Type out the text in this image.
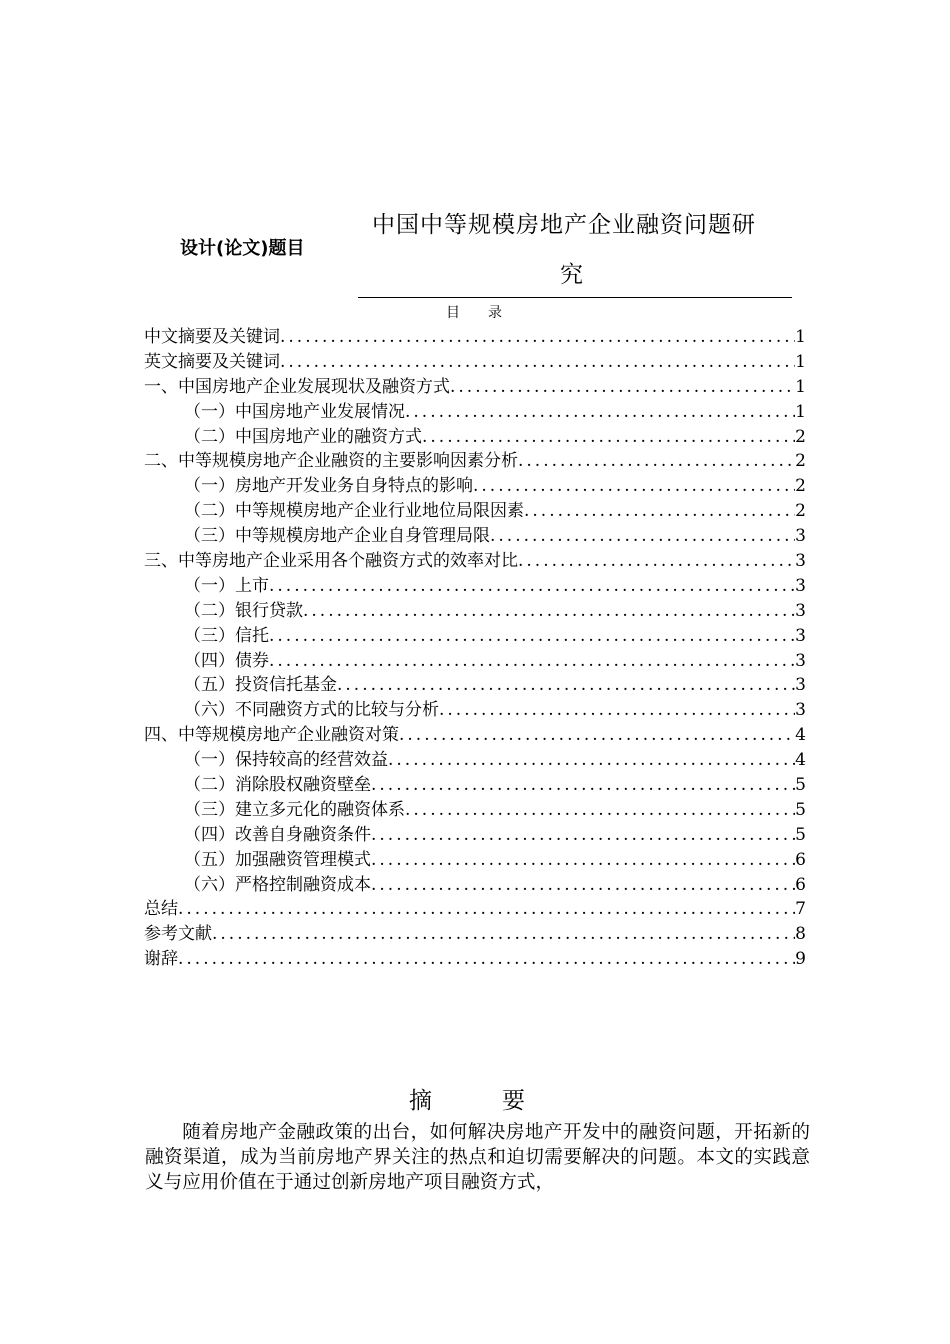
设计(论文)题目
中国中等规模房地产企业融资问题研
究
目录
中文摘要及关键词 .....	1
英文摘要及关键词 .....	1
一、中国房地产企业发展现状及融资方式 .....	1
（一）中国房地产业发展情况 .....	1
（二）中国房地产业的融资方式 .....	2
二、中等规模房地产企业融资的主要影响因素分析 .....	2
（一）房地产开发业务自身特点的影响 .....	2
（二）中等规模房地产企业行业地位局限因素 .....	2
（三）中等规模房地产企业自身管理局限 .....	3
三、中等房地产企业采用各个融资方式的效率对比 .....	3
（一）上市 .....	3
（二）银行贷款 .....	3
（三）信托 .....	3
（四）债券 .....	3
（五）投资信托基金 .....	3
（六）不同融资方式的比较与分析 .....	3
四、中等规模房地产企业融资对策 .....	4
（一）保持较高的经营效益 .....	4
（二）消除股权融资壁垒 .....	5
（三）建立多元化的融资体系 .....	5
（四）改善自身融资条件 .....	5
（五）加强融资管理模式 .....	6
（六）严格控制融资成本 .....	6
总结 .....	7
参考文献 .....	8
谢辞 .....	9
摘要

随着房地产金融政策的出台，如何解决房地产开发中的融资问题，开拓新的融资渠道，成为当前房地产界关注的热点和迫切需要解决的问题。本文的实践意义与应用价值在于通过创新房地产项目融资方式，
